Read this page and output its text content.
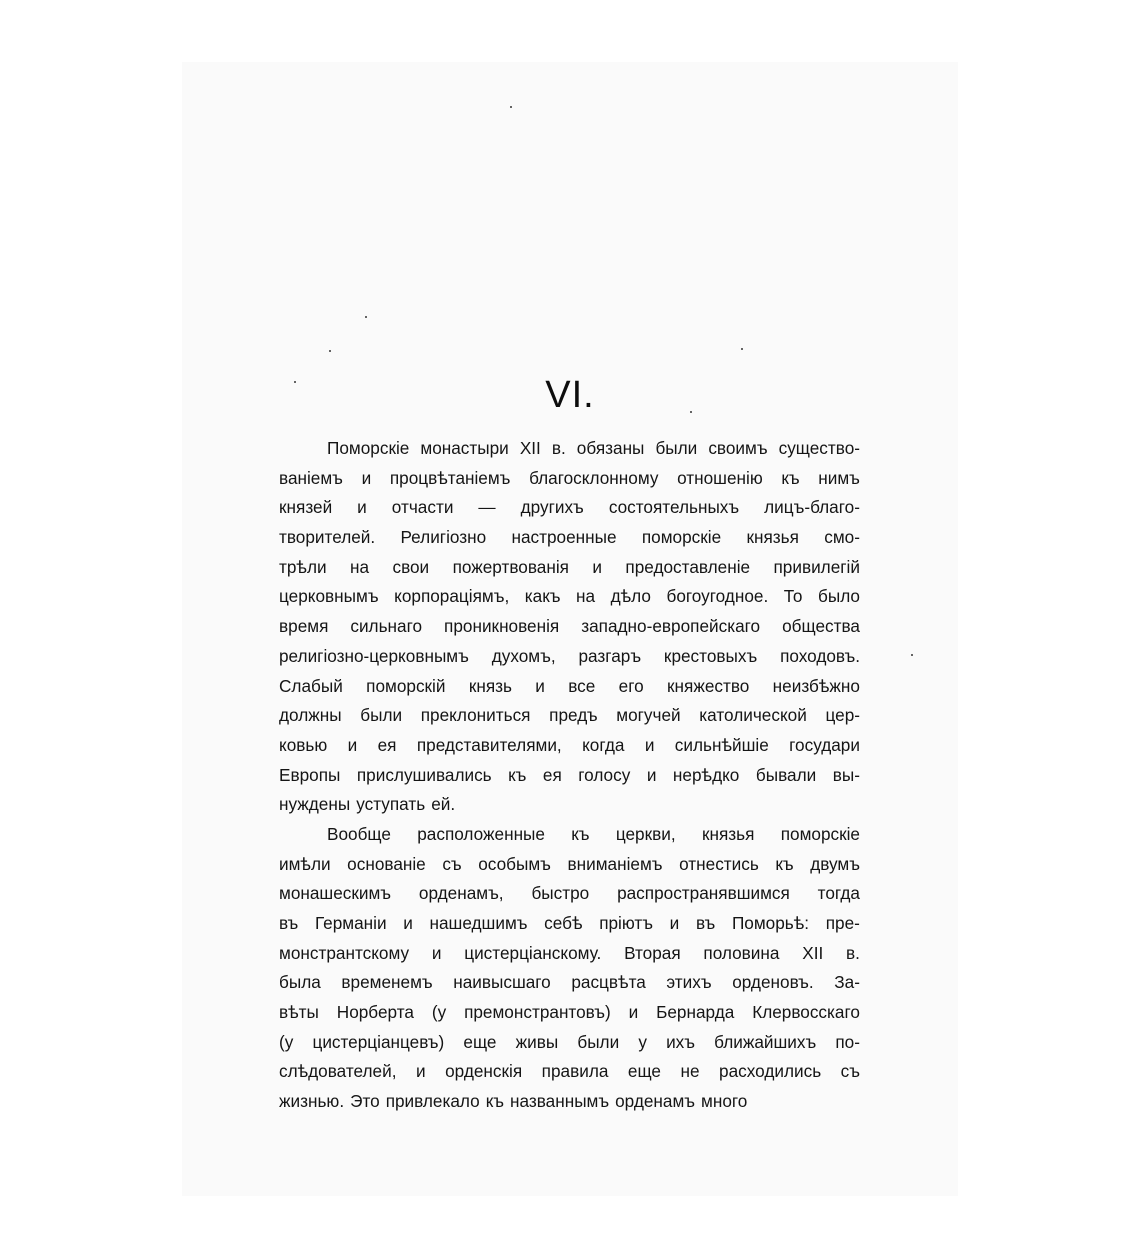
VI.
Поморскіе монастыри XII в. обязаны были своимъ существо-
ваніемъ и процвѣтаніемъ благосклонному отношенію къ нимъ
князей и отчасти — другихъ состоятельныхъ лицъ-благо-
творителей. Религіозно настроенные поморскіе князья смо-
трѣли на свои пожертвованія и предоставленіе привилегій
церковнымъ корпораціямъ, какъ на дѣло богоугодное. То было
время сильнаго проникновенія западно-европейскаго общества
религіозно-церковнымъ духомъ, разгаръ крестовыхъ походовъ.
Слабый поморскій князь и все его княжество неизбѣжно
должны были преклониться предъ могучей католической цер-
ковью и ея представителями, когда и сильнѣйшіе государи
Европы прислушивались къ ея голосу и нерѣдко бывали вы-
нуждены уступать ей.
Вообще расположенные къ церкви, князья поморскіе
имѣли основаніе съ особымъ вниманіемъ отнестись къ двумъ
монашескимъ орденамъ, быстро распространявшимся тогда
въ Германіи и нашедшимъ себѣ пріютъ и въ Поморьѣ: пре-
монстрантскому и цистерціанскому. Вторая половина XII в.
была временемъ наивысшаго расцвѣта этихъ орденовъ. За-
вѣты Норберта (у премонстрантовъ) и Бернарда Клервосскаго
(у цистерціанцевъ) еще живы были у ихъ ближайшихъ по-
слѣдователей, и орденскія правила еще не расходились съ
жизнью. Это привлекало къ названнымъ орденамъ много
